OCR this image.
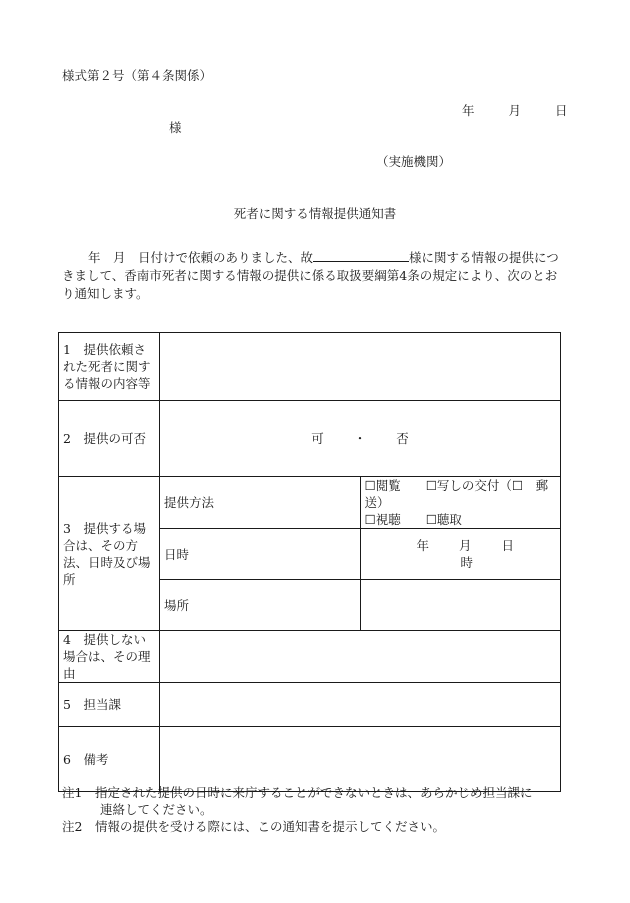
様式第２号（第４条関係）
年	月	日
様
（実施機関）
死者に関する情報提供通知書
年　月　日付けで依頼のありました、故	様に関する情報の提供につきまして、香南市死者に関する情報の提供に係る取扱要綱第4条の規定により、次のとおり通知します。
1　提供依頼された死者に関する情報の内容等		
2　提供の可否	可 ・ 否	
3　提供する場合は、その方法、日時及び場所	提供方法	☐閲覧　　☐写しの交付（☐　郵送）
☐視聴　　☐聴取

	日時	年 月 日時
	場所	
4　提供しない場合は、その理由		
5　担当課		
6　備考		
注1　指定された提供の日時に来庁することができないときは、あらかじめ担当課に
連絡してください。
注2　情報の提供を受ける際には、この通知書を提示してください。
